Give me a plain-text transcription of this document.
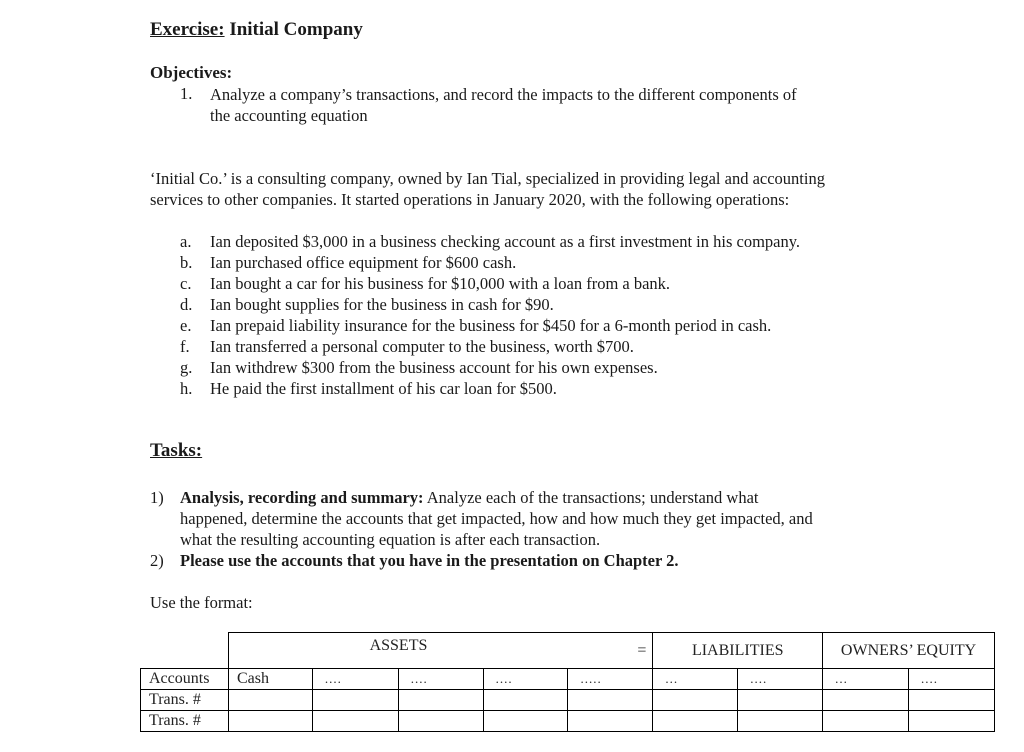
Exercise: Initial Company
Objectives:
1. Analyze a company’s transactions, and record the impacts to the different components of
the accounting equation
‘Initial Co.’ is a consulting company, owned by Ian Tial, specialized in providing legal and accounting
services to other companies. It started operations in January 2020, with the following operations:
a. Ian deposited $3,000 in a business checking account as a first investment in his company.
b. Ian purchased office equipment for $600 cash.
c. Ian bought a car for his business for $10,000 with a loan from a bank.
d. Ian bought supplies for the business in cash for $90.
e. Ian prepaid liability insurance for the business for $450 for a 6-month period in cash.
f. Ian transferred a personal computer to the business, worth $700.
g. Ian withdrew $300 from the business account for his own expenses.
h. He paid the first installment of his car loan for $500.
Tasks:
1) Analysis, recording and summary: Analyze each of the transactions; understand what
happened, determine the accounts that get impacted, how and how much they get impacted, and
what the resulting accounting equation is after each transaction.
2) Please use the accounts that you have in the presentation on Chapter 2.
Use the format:
	ASSETS				=	LIABILITIES		OWNERS’ EQUITY	
Accounts	Cash	....	....	....	.....	...	....	...	....
Trans. #									
Trans. #									
